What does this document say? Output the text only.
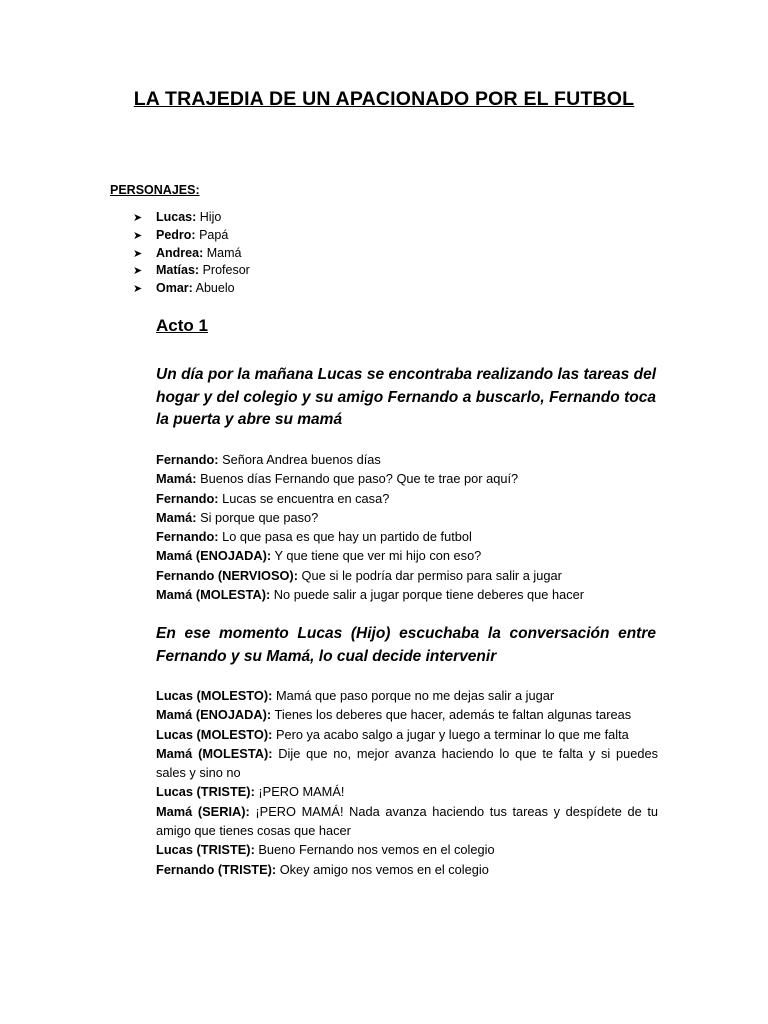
LA TRAJEDIA DE UN APACIONADO POR EL FUTBOL
PERSONAJES:
➤ Lucas: Hijo
➤ Pedro: Papá
➤ Andrea: Mamá
➤ Matías: Profesor
➤ Omar: Abuelo
Acto 1
Un día por la mañana Lucas se encontraba realizando las tareas del hogar y del colegio y su amigo Fernando a buscarlo, Fernando toca la puerta y abre su mamá
Fernando: Señora Andrea buenos días
Mamá: Buenos días Fernando que paso? Que te trae por aquí?
Fernando: Lucas se encuentra en casa?
Mamá: Si porque que paso?
Fernando: Lo que pasa es que hay un partido de futbol
Mamá (ENOJADA): Y que tiene que ver mi hijo con eso?
Fernando (NERVIOSO): Que si le podría dar permiso para salir a jugar
Mamá (MOLESTA): No puede salir a jugar porque tiene deberes que hacer
En ese momento Lucas (Hijo) escuchaba la conversación entre Fernando y su Mamá, lo cual decide intervenir
Lucas (MOLESTO): Mamá que paso porque no me dejas salir a jugar
Mamá (ENOJADA): Tienes los deberes que hacer, además te faltan algunas tareas
Lucas (MOLESTO): Pero ya acabo salgo a jugar y luego a terminar lo que me falta
Mamá (MOLESTA): Dije que no, mejor avanza haciendo lo que te falta y si puedes sales y sino no
Lucas (TRISTE): ¡PERO MAMÁ!
Mamá (SERIA): ¡PERO MAMÁ! Nada avanza haciendo tus tareas y despídete de tu amigo que tienes cosas que hacer
Lucas (TRISTE): Bueno Fernando nos vemos en el colegio
Fernando (TRISTE): Okey amigo nos vemos en el colegio
